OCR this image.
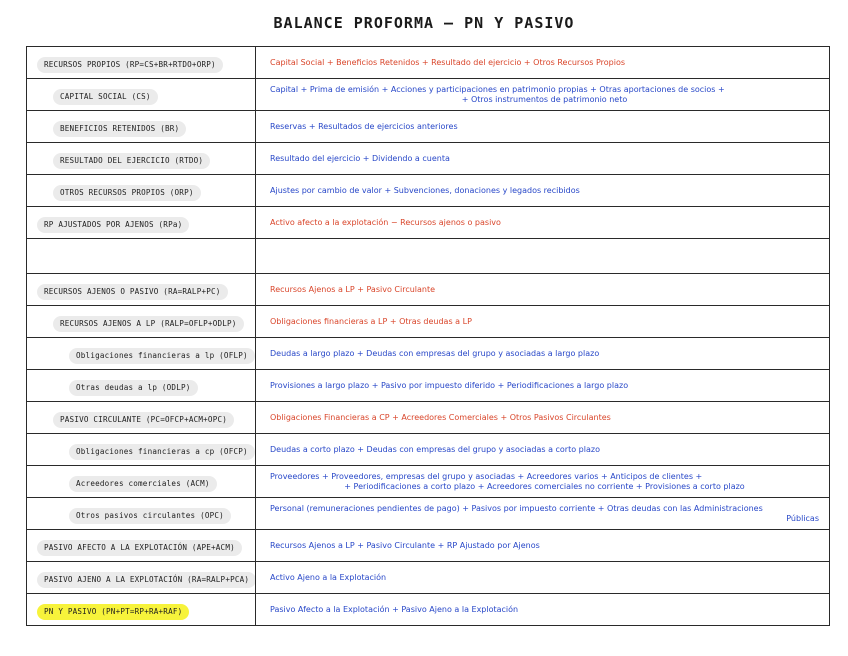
BALANCE PROFORMA — PN Y PASIVO
RECURSOS PROPIOS (RP=CS+BR+RTDO+ORP)	Capital Social + Beneficios Retenidos + Resultado del ejercicio + Otros Recursos Propios

CAPITAL SOCIAL (CS)	Capital + Prima de emisión + Acciones y participaciones en patrimonio propias + Otras aportaciones de socios +
+ Otros instrumentos de patrimonio neto

BENEFICIOS RETENIDOS (BR)	Reservas + Resultados de ejercicios anteriores

RESULTADO DEL EJERCICIO (RTDO)	Resultado del ejercicio + Dividendo a cuenta

OTROS RECURSOS PROPIOS (ORP)	Ajustes por cambio de valor + Subvenciones, donaciones y legados recibidos

RP AJUSTADOS POR AJENOS (RPa)	Activo afecto a la explotación − Recursos ajenos o pasivo

RECURSOS AJENOS O PASIVO (RA=RALP+PC)	Recursos Ajenos a LP + Pasivo Circulante

RECURSOS AJENOS A LP (RALP=OFLP+ODLP)	Obligaciones financieras a LP + Otras deudas a LP

Obligaciones financieras a lp (OFLP)	Deudas a largo plazo + Deudas con empresas del grupo y asociadas a largo plazo

Otras deudas a lp (ODLP)	Provisiones a largo plazo + Pasivo por impuesto diferido + Periodificaciones a largo plazo

PASIVO CIRCULANTE (PC=OFCP+ACM+OPC)	Obligaciones Financieras a CP + Acreedores Comerciales + Otros Pasivos Circulantes

Obligaciones financieras a cp (OFCP)	Deudas a corto plazo + Deudas con empresas del grupo y asociadas a corto plazo

Acreedores comerciales (ACM)	Proveedores + Proveedores, empresas del grupo y asociadas + Acreedores varios + Anticipos de clientes +
+ Periodificaciones a corto plazo + Acreedores comerciales no corriente + Provisiones a corto plazo

Otros pasivos circulantes (OPC)	Personal (remuneraciones pendientes de pago) + Pasivos por impuesto corriente + Otras deudas con las Administraciones
Públicas

PASIVO AFECTO A LA EXPLOTACIÓN (APE+ACM)	Recursos Ajenos a LP + Pasivo Circulante + RP Ajustado por Ajenos

PASIVO AJENO A LA EXPLOTACIÓN (RA=RALP+PCA)	Activo Ajeno a la Explotación

PN Y PASIVO (PN+PT=RP+RA+RAF)	Pasivo Afecto a la Explotación + Pasivo Ajeno a la Explotación
